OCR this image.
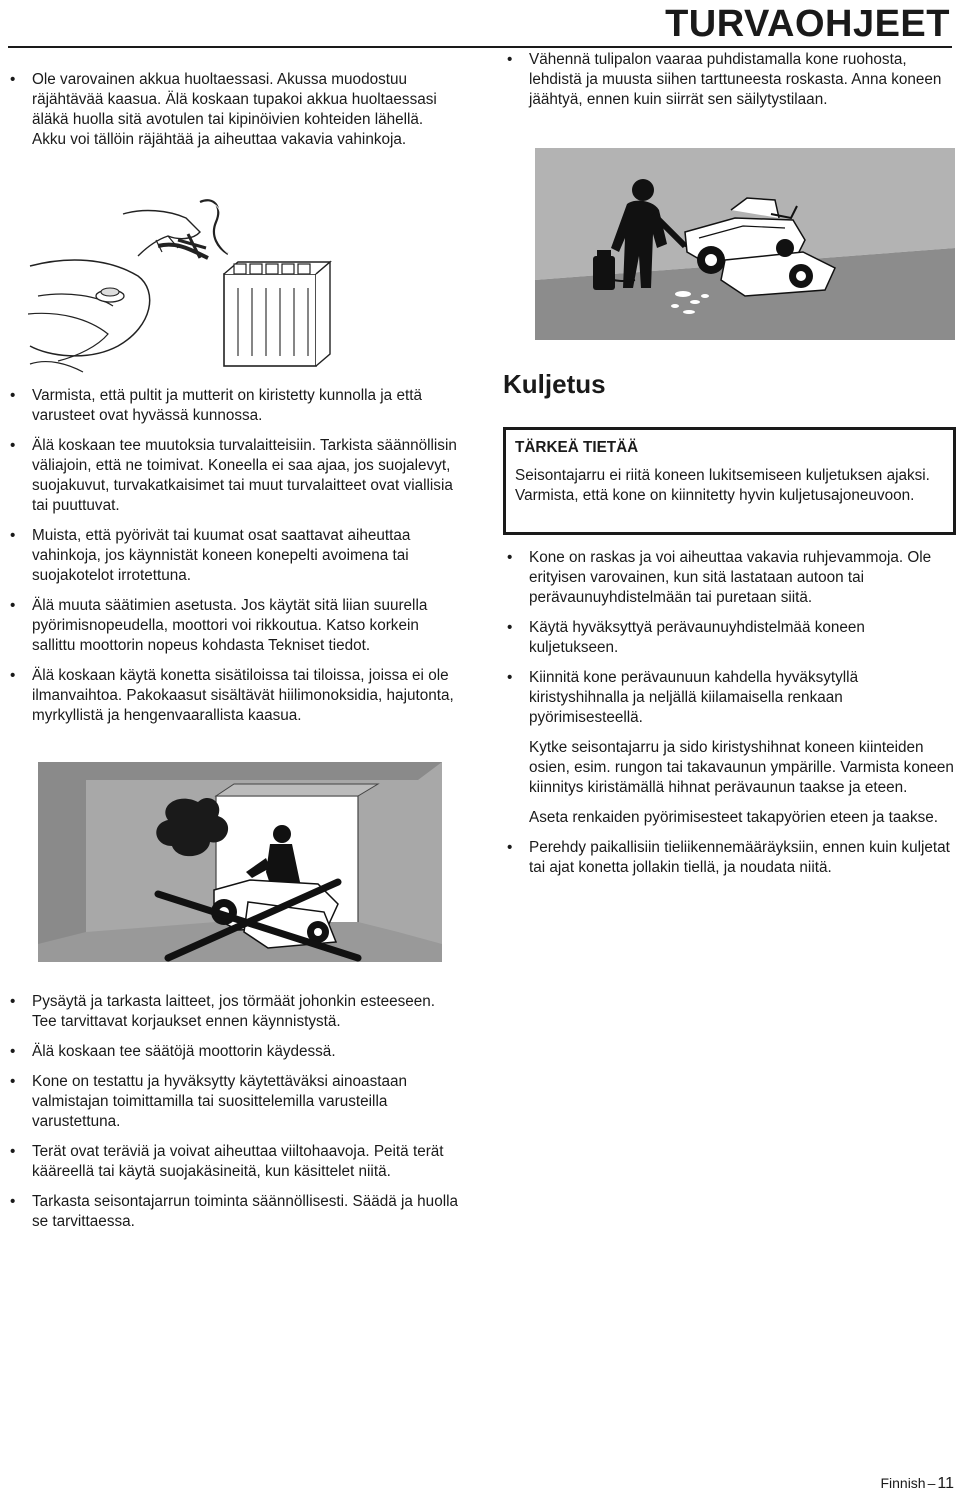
TURVAOHJEET
• Ole varovainen akkua huoltaessasi. Akussa muodostuu räjähtävää kaasua. Älä koskaan tupakoi akkua huoltaessasi äläkä huolla sitä avotulen tai kipinöivien kohteiden lähellä. Akku voi tällöin räjähtää ja aiheuttaa vakavia vahinkoja.
• Vähennä tulipalon vaaraa puhdistamalla kone ruohosta, lehdistä ja muusta siihen tarttuneesta roskasta. Anna koneen jäähtyä, ennen kuin siirrät sen säilytystilaan.
• Varmista, että pultit ja mutterit on kiristetty kunnolla ja että varusteet ovat hyvässä kunnossa.
• Älä koskaan tee muutoksia turvalaitteisiin. Tarkista säännöllisin väliajoin, että ne toimivat. Koneella ei saa ajaa, jos suojalevyt, suojakuvut, turvakatkaisimet tai muut turvalaitteet ovat viallisia tai puuttuvat.
• Muista, että pyörivät tai kuumat osat saattavat aiheuttaa vahinkoja, jos käynnistät koneen konepelti avoimena tai suojakotelot irrotettuna.
• Älä muuta säätimien asetusta. Jos käytät sitä liian suurella pyörimisnopeudella, moottori voi rikkoutua. Katso korkein sallittu moottorin nopeus kohdasta Tekniset tiedot.
• Älä koskaan käytä konetta sisätiloissa tai tiloissa, joissa ei ole ilmanvaihtoa. Pakokaasut sisältävät hiilimonoksidia, hajutonta, myrkyllistä ja hengenvaarallista kaasua.
Kuljetus
TÄRKEÄ TIETÄÄ
Seisontajarru ei riitä koneen lukitsemiseen kuljetuksen ajaksi. Varmista, että kone on kiinnitetty hyvin kuljetusajoneuvoon.
• Kone on raskas ja voi aiheuttaa vakavia ruhjevammoja. Ole erityisen varovainen, kun sitä lastataan autoon tai perävaunuyhdistelmään tai puretaan siitä.
• Käytä hyväksyttyä perävaunuyhdistelmää koneen kuljetukseen.
• Kiinnitä kone perävaunuun kahdella hyväksytyllä kiristyshihnalla ja neljällä kiilamaisella renkaan pyörimisesteellä.

Kytke seisontajarru ja sido kiristyshihnat koneen kiinteiden osien, esim. rungon tai takavaunun ympärille. Varmista koneen kiinnitys kiristämällä hihnat perävaunun taakse ja eteen.

Aseta renkaiden pyörimisesteet takapyörien eteen ja taakse.

• Perehdy paikallisiin tieliikennemääräyksiin, ennen kuin kuljetat tai ajat konetta jollakin tiellä, ja noudata niitä.
• Pysäytä ja tarkasta laitteet, jos törmäät johonkin esteeseen. Tee tarvittavat korjaukset ennen käynnistystä.
• Älä koskaan tee säätöjä moottorin käydessä.
• Kone on testattu ja hyväksytty käytettäväksi ainoastaan valmistajan toimittamilla tai suosittelemilla varusteilla varustettuna.
• Terät ovat teräviä ja voivat aiheuttaa viiltohaavoja. Peitä terät kääreellä tai käytä suojakäsineitä, kun käsittelet niitä.
• Tarkasta seisontajarrun toiminta säännöllisesti. Säädä ja huolla se tarvittaessa.
Finnish – 11
